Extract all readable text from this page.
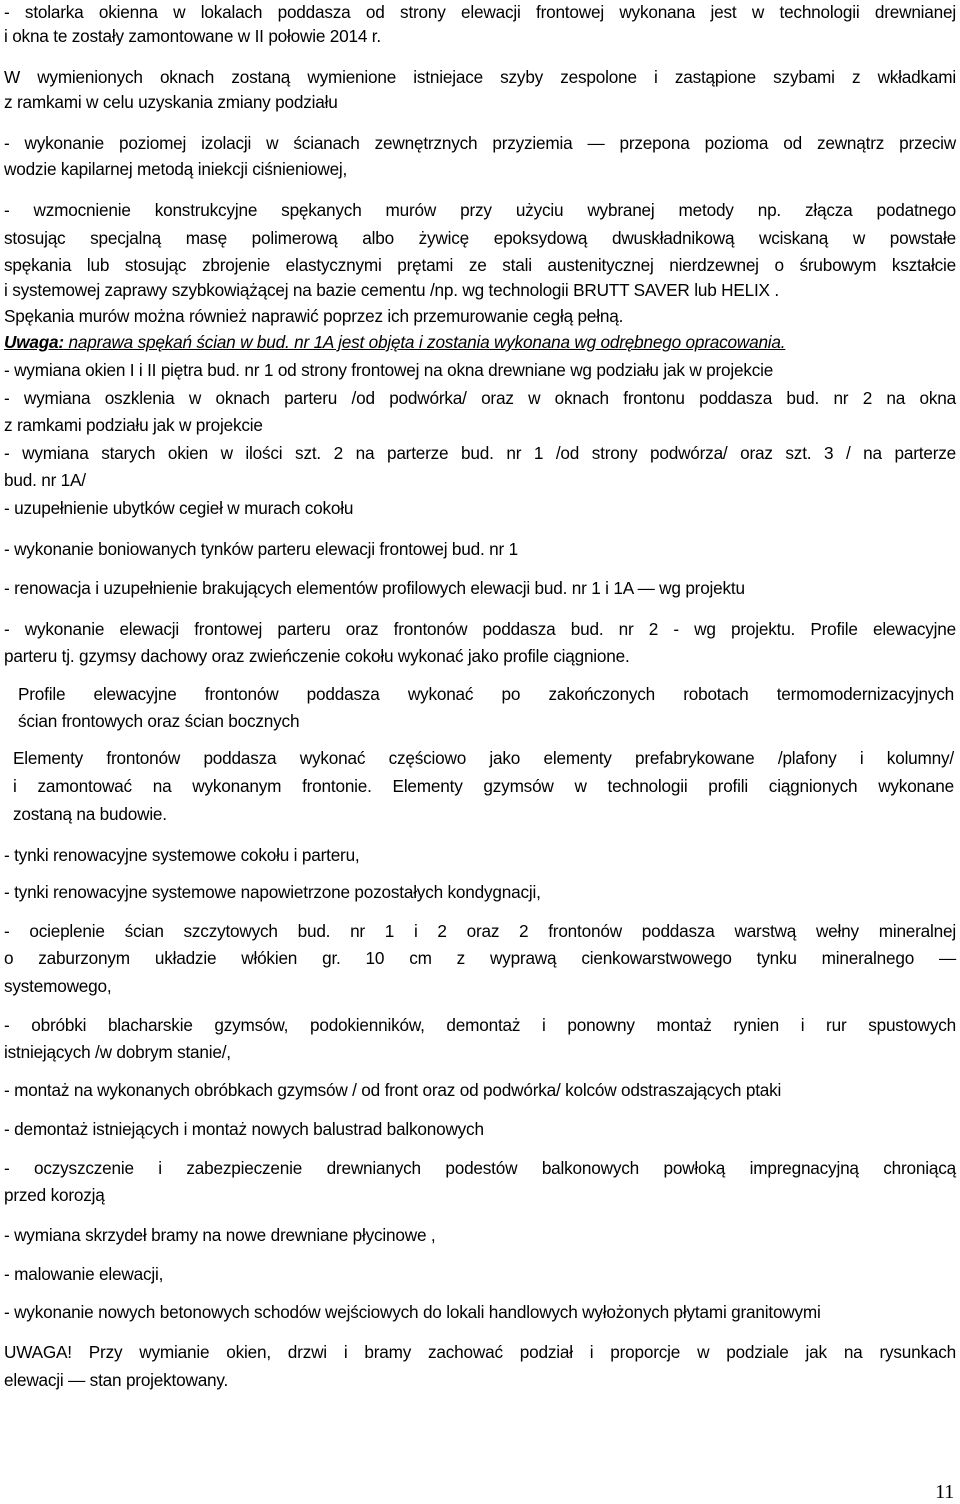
- stolarka okienna w lokalach poddasza od strony elewacji frontowej wykonana jest w technologii drewnianej
i okna te zostały zamontowane w II połowie 2014 r.
W wymienionych oknach zostaną wymienione istniejace szyby zespolone i zastąpione szybami z wkładkami
z ramkami w celu uzyskania zmiany podziału
- wykonanie poziomej izolacji w ścianach zewnętrznych przyziemia — przepona pozioma od zewnątrz przeciw
wodzie kapilarnej metodą iniekcji ciśnieniowej,
- wzmocnienie konstrukcyjne spękanych murów przy użyciu wybranej metody np. złącza podatnego
stosując specjalną masę polimerową albo żywicę epoksydową dwuskładnikową wciskaną w powstałe
spękania lub stosując zbrojenie elastycznymi prętami ze stali austenitycznej nierdzewnej o śrubowym kształcie
i systemowej zaprawy szybkowiążącej na bazie cementu /np. wg technologii BRUTT SAVER lub HELIX .
Spękania murów można również naprawić poprzez ich przemurowanie cegłą pełną.
Uwaga: naprawa spękań ścian w bud. nr 1A jest objęta i zostania wykonana wg odrębnego opracowania.
- wymiana okien I i II piętra bud. nr 1 od strony frontowej na okna drewniane wg podziału jak w projekcie
- wymiana oszklenia w oknach parteru /od podwórka/ oraz w oknach frontonu poddasza bud. nr 2 na okna
z ramkami podziału jak w projekcie
- wymiana starych okien w ilości szt. 2 na parterze bud. nr 1 /od strony podwórza/ oraz szt. 3 / na parterze
bud. nr 1A/
- uzupełnienie ubytków cegieł w murach cokołu
- wykonanie boniowanych tynków parteru elewacji frontowej bud. nr 1
- renowacja i uzupełnienie brakujących elementów profilowych elewacji bud. nr 1 i 1A — wg projektu
- wykonanie elewacji frontowej parteru oraz frontonów poddasza bud. nr 2 - wg projektu. Profile elewacyjne
parteru tj. gzymsy dachowy oraz zwieńczenie cokołu wykonać jako profile ciągnione.
Profile elewacyjne frontonów poddasza wykonać po zakończonych robotach termomodernizacyjnych
ścian frontowych oraz ścian bocznych
Elementy frontonów poddasza wykonać częściowo jako elementy prefabrykowane /plafony i kolumny/
i zamontować na wykonanym frontonie. Elementy gzymsów w technologii profili ciągnionych wykonane
zostaną na budowie.
- tynki renowacyjne systemowe cokołu i parteru,
- tynki renowacyjne systemowe napowietrzone pozostałych kondygnacji,
- ocieplenie ścian szczytowych bud. nr 1 i 2 oraz 2 frontonów poddasza warstwą wełny mineralnej
o zaburzonym układzie włókien gr. 10 cm z wyprawą cienkowarstwowego tynku mineralnego —
systemowego,
- obróbki blacharskie gzymsów, podokienników, demontaż i ponowny montaż rynien i rur spustowych
istniejących /w dobrym stanie/,
- montaż na wykonanych obróbkach gzymsów / od front oraz od podwórka/ kolców odstraszających ptaki
- demontaż istniejących i montaż nowych balustrad balkonowych
- oczyszczenie i zabezpieczenie drewnianych podestów balkonowych powłoką impregnacyjną chroniącą
przed korozją
- wymiana skrzydeł bramy na nowe drewniane płycinowe ,
- malowanie elewacji,
- wykonanie nowych betonowych schodów wejściowych do lokali handlowych wyłożonych płytami granitowymi
UWAGA! Przy wymianie okien, drzwi i bramy zachować podział i proporcje w podziale jak na rysunkach
elewacji — stan projektowany.
11
